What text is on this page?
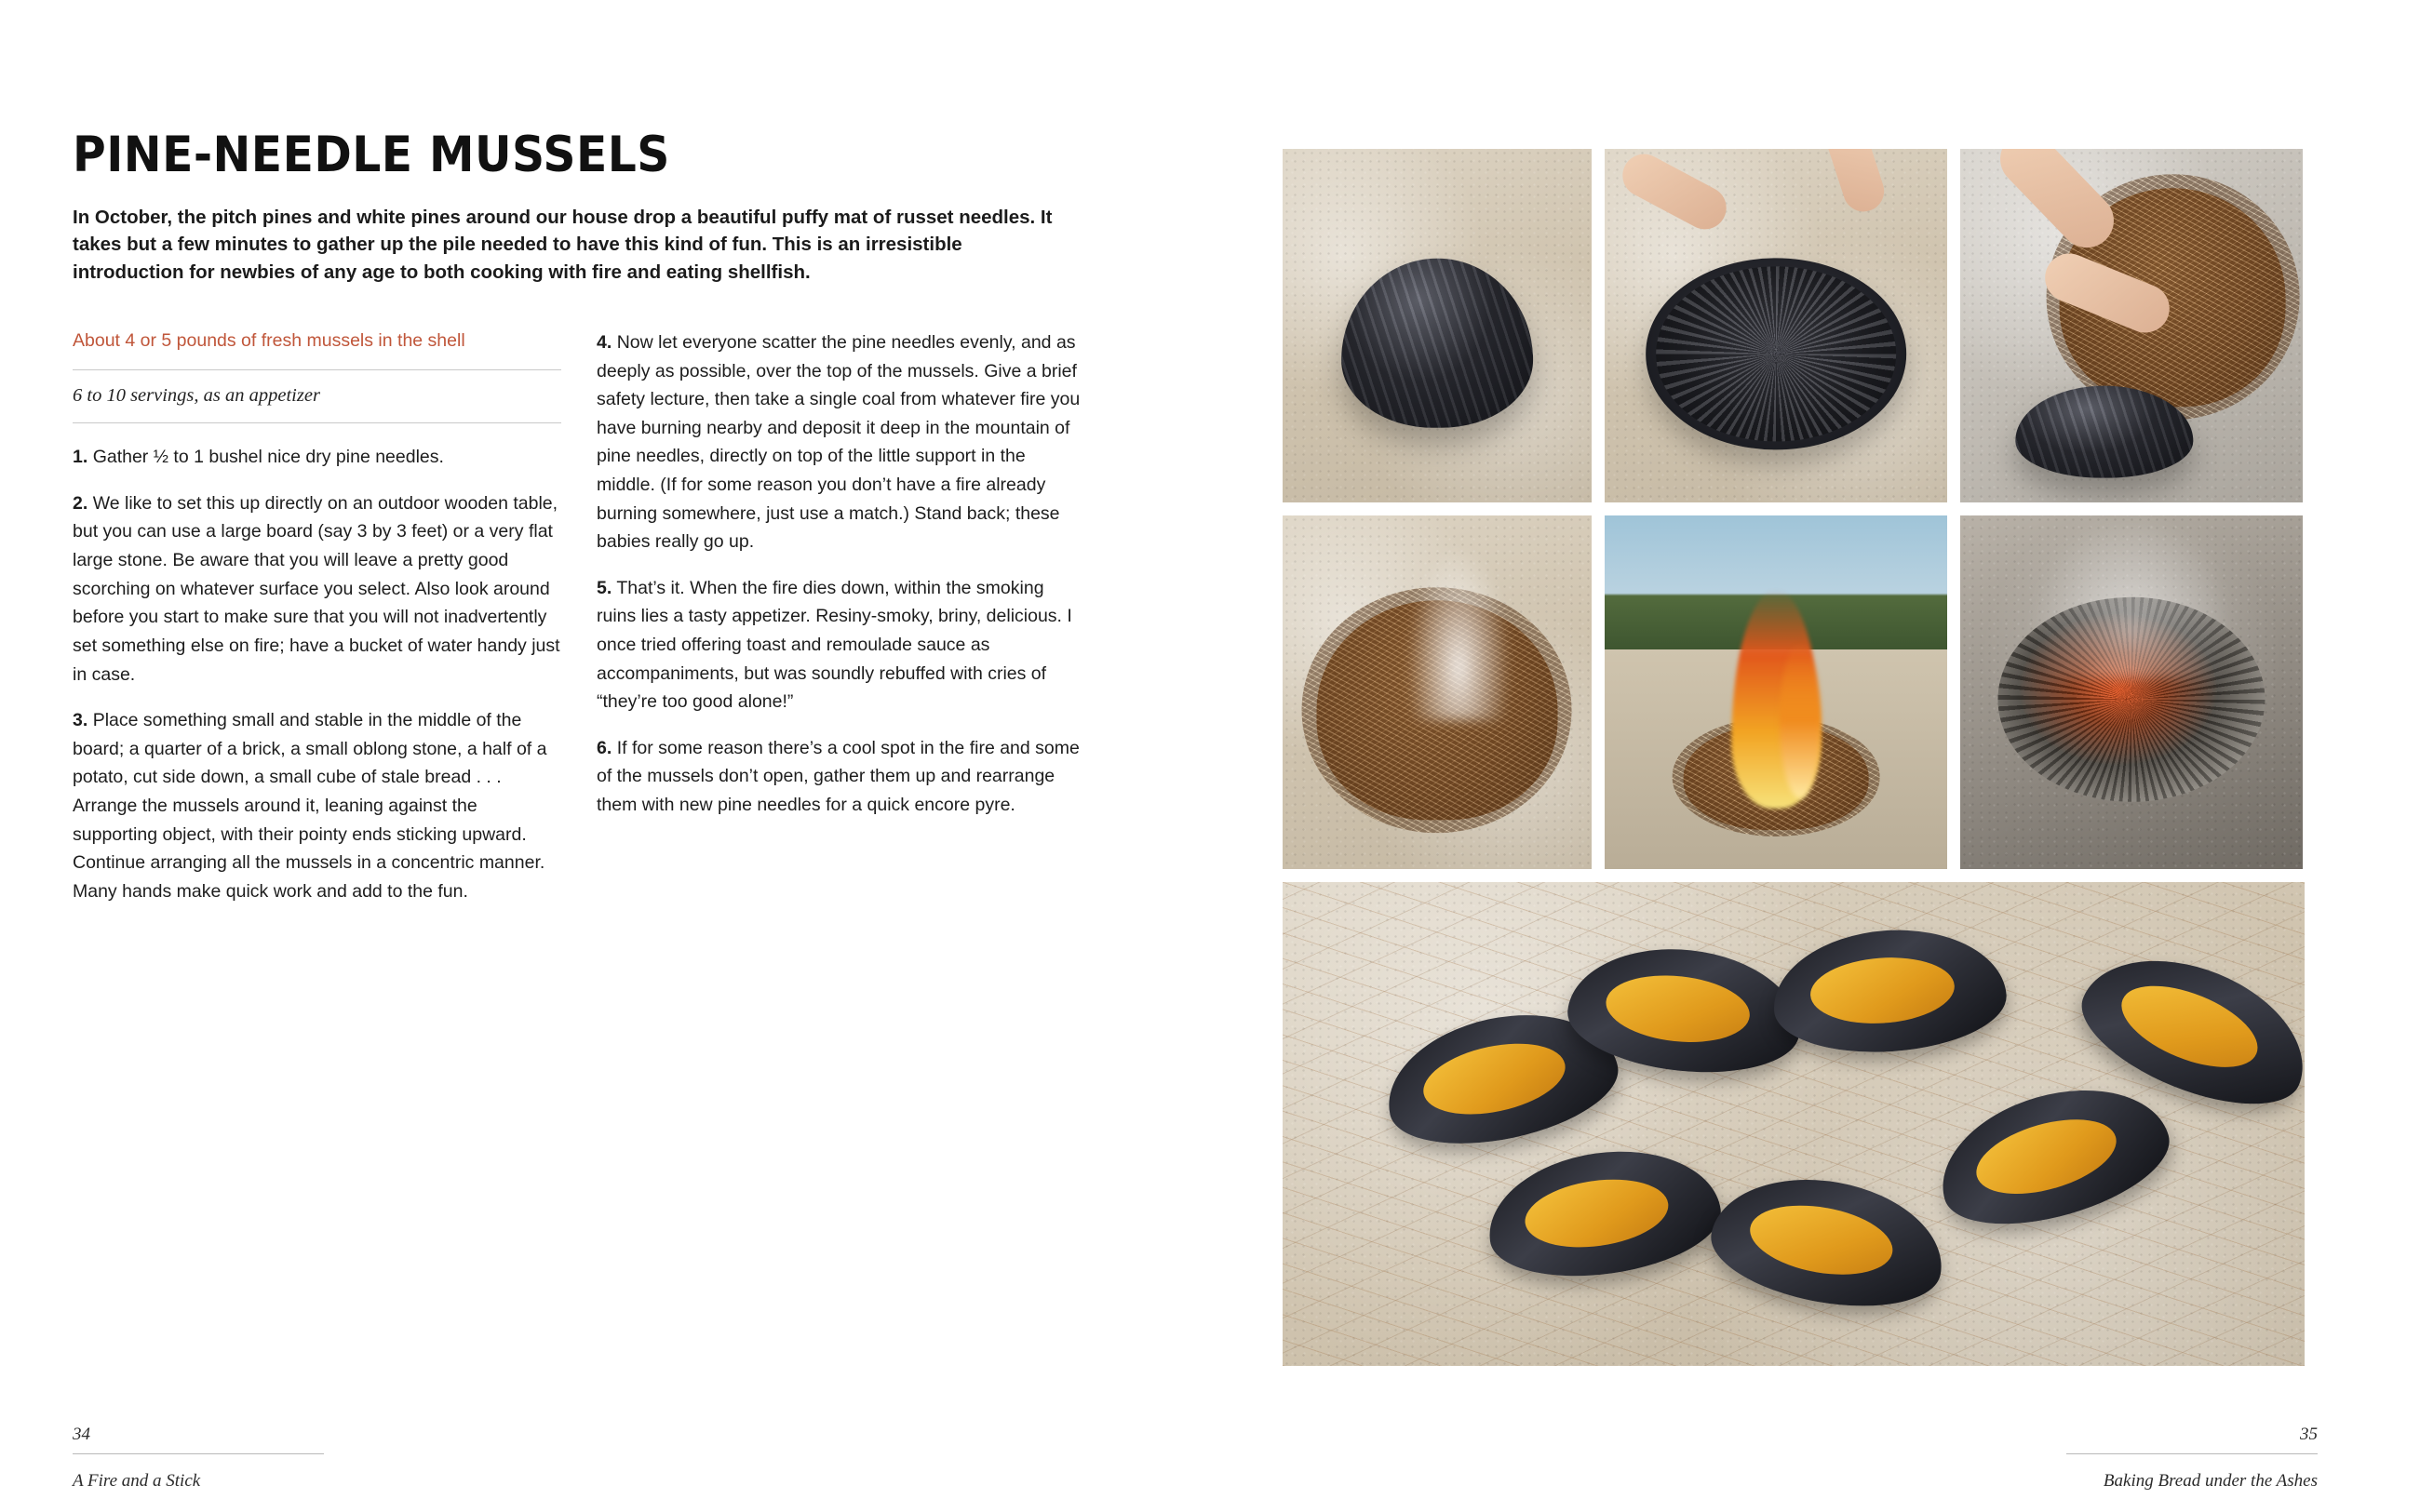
PINE-NEEDLE MUSSELS

In October, the pitch pines and white pines around our house drop a beautiful puffy mat of russet needles. It takes but a few minutes to gather up the pile needed to have this kind of fun. This is an irresistible introduction for newbies of any age to both cooking with fire and eating shellfish.

About 4 or 5 pounds of fresh mussels in the shell
6 to 10 servings, as an appetizer

1. Gather ½ to 1 bushel nice dry pine needles.

2. We like to set this up directly on an outdoor wooden table, but you can use a large board (say 3 by 3 feet) or a very flat large stone. Be aware that you will leave a pretty good scorching on whatever surface you select. Also look around before you start to make sure that you will not inadvertently set something else on fire; have a bucket of water handy just in case.

3. Place something small and stable in the middle of the board; a quarter of a brick, a small oblong stone, a half of a potato, cut side down, a small cube of stale bread . . . Arrange the mussels around it, leaning against the supporting object, with their pointy ends sticking upward. Continue arranging all the mussels in a concentric manner. Many hands make quick work and add to the fun.

4. Now let everyone scatter the pine needles evenly, and as deeply as possible, over the top of the mussels. Give a brief safety lecture, then take a single coal from whatever fire you have burning nearby and deposit it deep in the mountain of pine needles, directly on top of the little support in the middle. (If for some reason you don’t have a fire already burning somewhere, just use a match.) Stand back; these babies really go up.

5. That’s it. When the fire dies down, within the smoking ruins lies a tasty appetizer. Resiny-smoky, briny, delicious. I once tried offering toast and remoulade sauce as accompaniments, but was soundly rebuffed with cries of “they’re too good alone!”

6. If for some reason there’s a cool spot in the fire and some of the mussels don’t open, gather them up and rearrange them with new pine needles for a quick encore pyre.

34
A Fire and a Stick
35
Baking Bread under the Ashes
